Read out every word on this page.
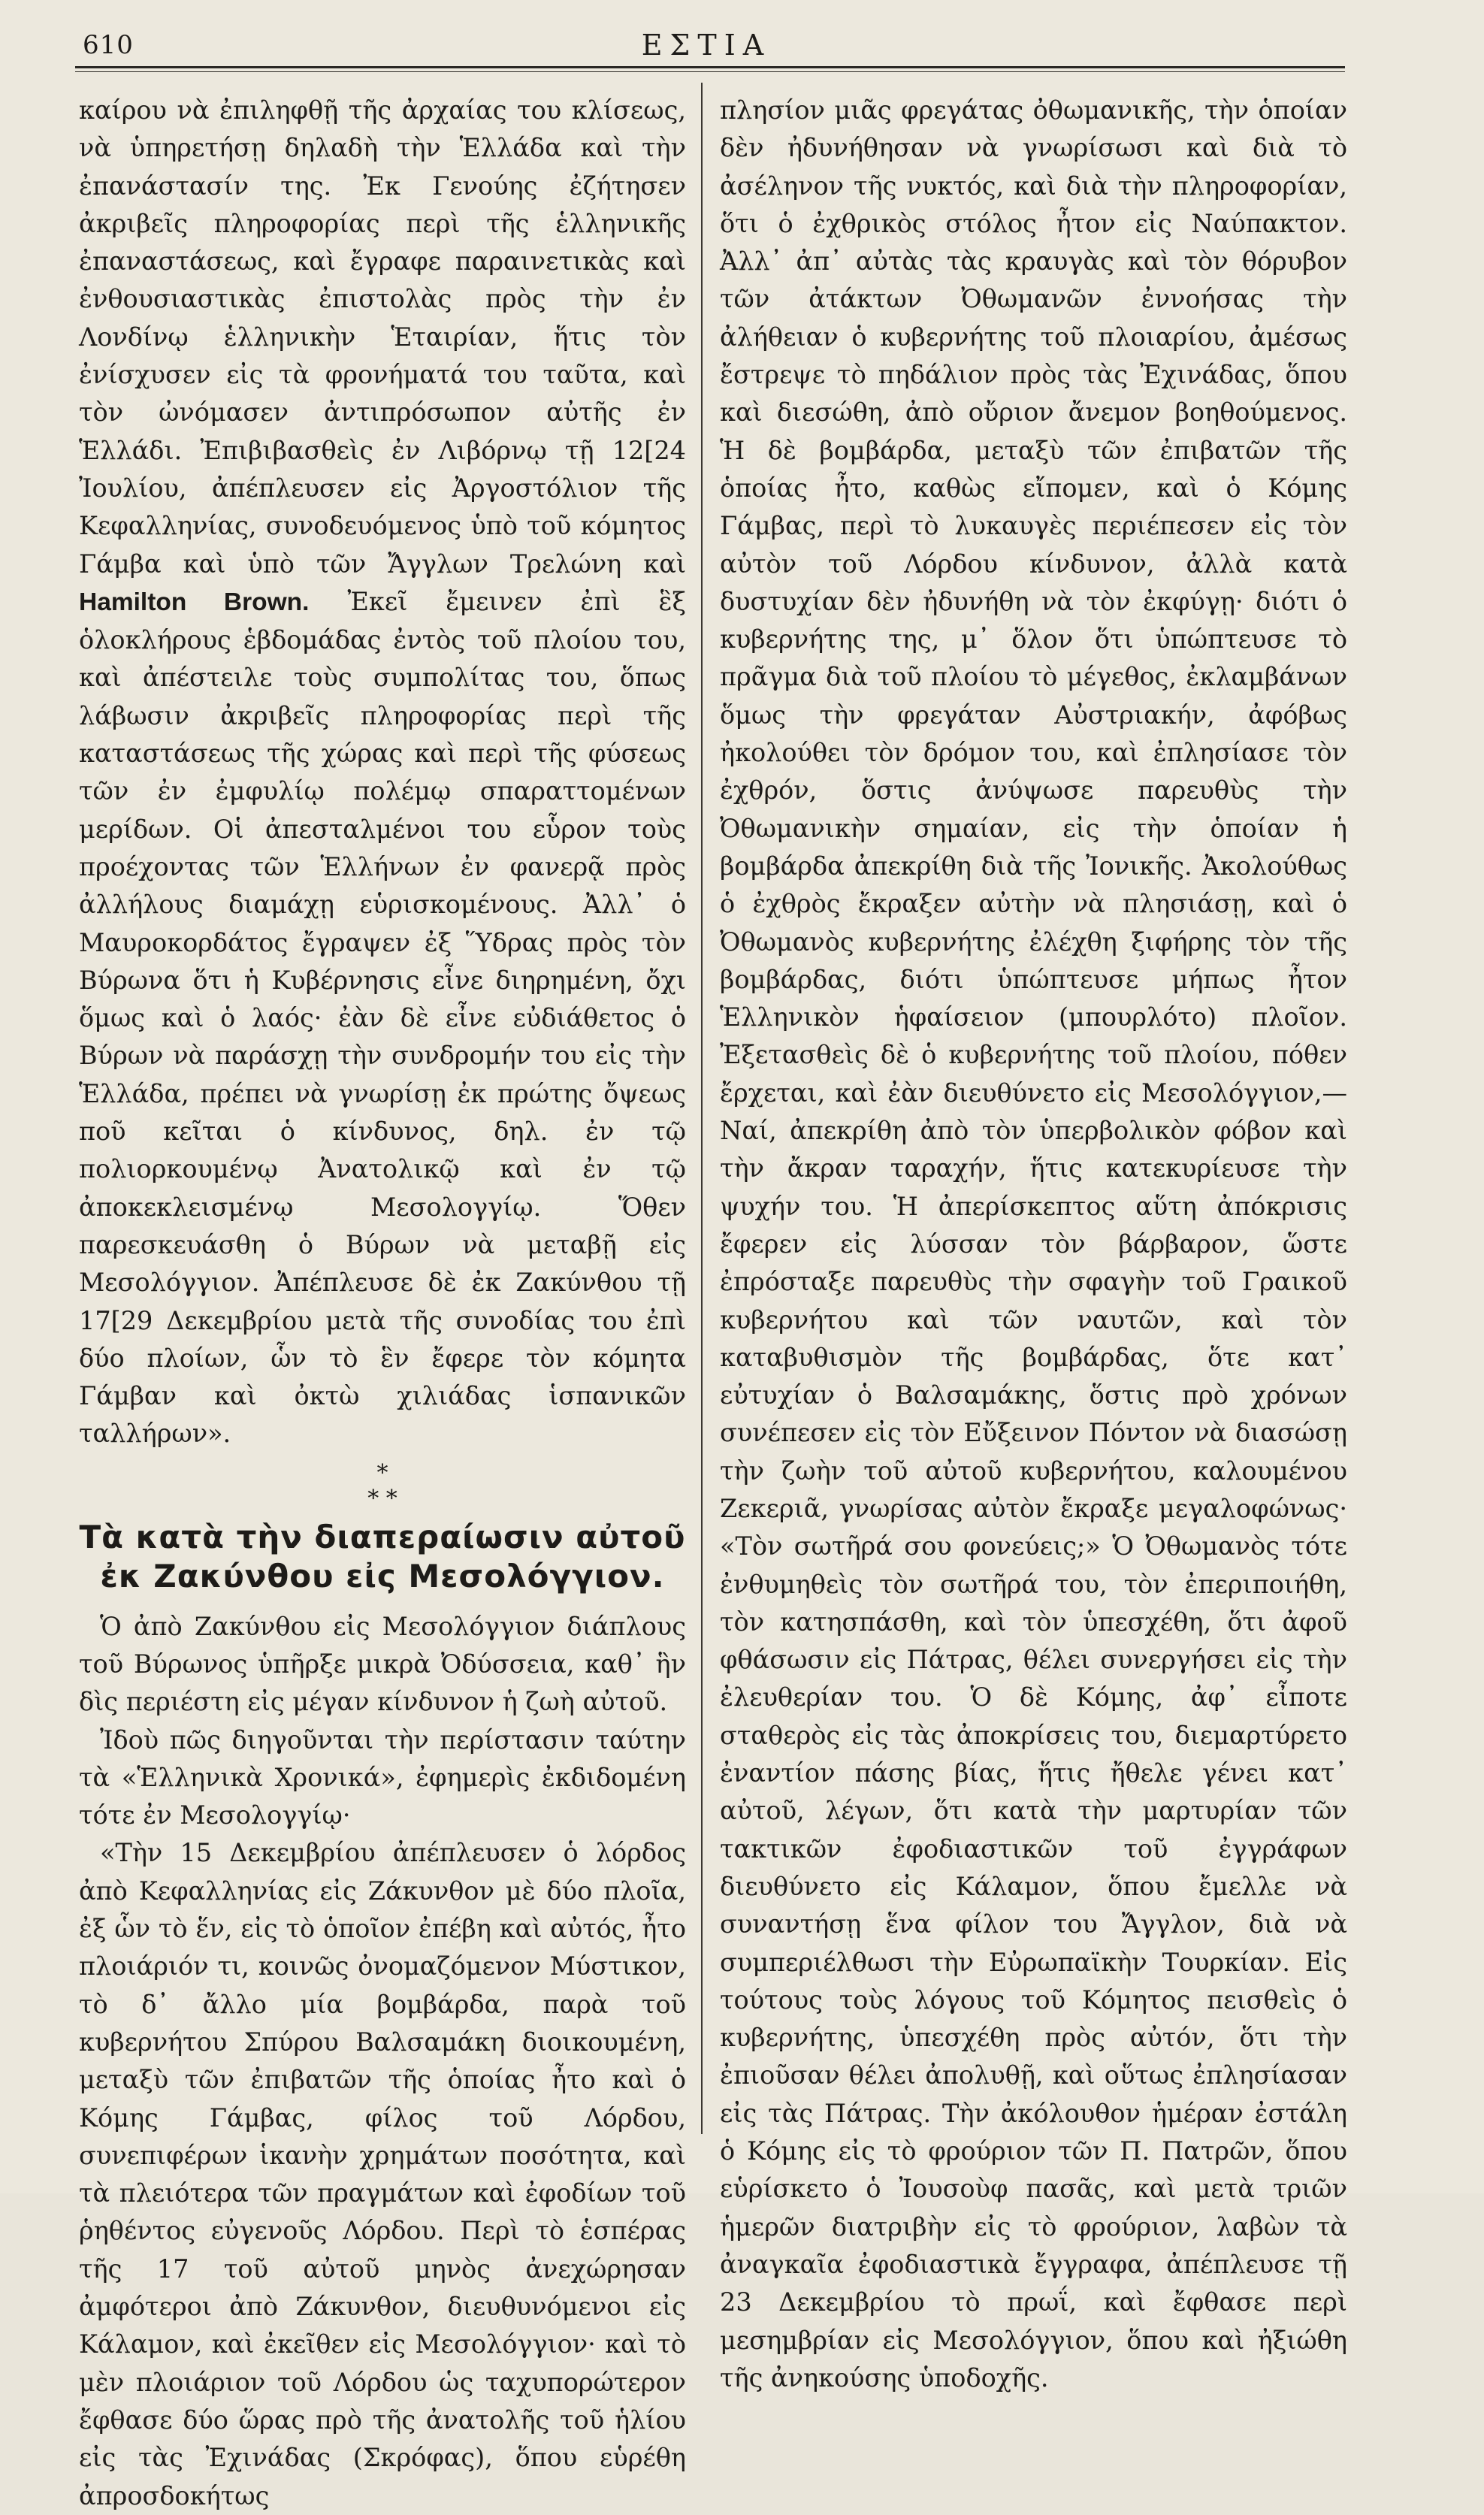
610	ΕΣΤΙΑ

καίρου νὰ ἐπιληφθῇ τῆς ἀρχαίας του κλίσεως, νὰ ὑπηρετήσῃ δηλαδὴ τὴν Ἑλλάδα καὶ τὴν ἐπανάστασίν της. Ἐκ Γενούης ἐζήτησεν ἀκριβεῖς πληροφορίας περὶ τῆς ἑλληνικῆς ἐπαναστάσεως, καὶ ἔγραφε παραινετικὰς καὶ ἐνθουσιαστικὰς ἐπιστολὰς πρὸς τὴν ἐν Λονδίνῳ ἑλληνικὴν Ἑταιρίαν, ἥτις τὸν ἐνίσχυσεν εἰς τὰ φρονήματά του ταῦτα, καὶ τὸν ὠνόμασεν ἀντιπρόσωπον αὐτῆς ἐν Ἑλλάδι. Ἐπιβιβασθεὶς ἐν Λιβόρνῳ τῇ 12[24 Ἰουλίου, ἀπέπλευσεν εἰς Ἀργοστόλιον τῆς Κεφαλληνίας, συνοδευόμενος ὑπὸ τοῦ κόμητος Γάμβα καὶ ὑπὸ τῶν Ἄγγλων Τρελώνη καὶ Hamilton Brown. Ἐκεῖ ἔμεινεν ἐπὶ ἓξ ὁλοκλήρους ἑβδομάδας ἐντὸς τοῦ πλοίου του, καὶ ἀπέστειλε τοὺς συμπολίτας του, ὅπως λάβωσιν ἀκριβεῖς πληροφορίας περὶ τῆς καταστάσεως τῆς χώρας καὶ περὶ τῆς φύσεως τῶν ἐν ἐμφυλίῳ πολέμῳ σπαραττομένων μερίδων. Οἱ ἀπεσταλμένοι του εὗρον τοὺς προέχοντας τῶν Ἑλλήνων ἐν φανερᾷ πρὸς ἀλλήλους διαμάχῃ εὑρισκομένους. Ἀλλ᾽ ὁ Μαυροκορδάτος ἔγραψεν ἐξ Ὕδρας πρὸς τὸν Βύρωνα ὅτι ἡ Κυβέρνησις εἶνε διηρημένη, ὄχι ὅμως καὶ ὁ λαός· ἐὰν δὲ εἶνε εὐδιάθετος ὁ Βύρων νὰ παράσχῃ τὴν συνδρομήν του εἰς τὴν Ἑλλάδα, πρέπει νὰ γνωρίσῃ ἐκ πρώτης ὄψεως ποῦ κεῖται ὁ κίνδυνος, δηλ. ἐν τῷ πολιορκουμένῳ Ἀνατολικῷ καὶ ἐν τῷ ἀποκεκλεισμένῳ Μεσολογγίῳ. Ὅθεν παρεσκευάσθη ὁ Βύρων νὰ μεταβῇ εἰς Μεσολόγγιον. Ἀπέπλευσε δὲ ἐκ Ζακύνθου τῇ 17[29 Δεκεμβρίου μετὰ τῆς συνοδίας του ἐπὶ δύο πλοίων, ὧν τὸ ἓν ἔφερε τὸν κόμητα Γάμβαν καὶ ὀκτὼ χιλιάδας ἱσπανικῶν ταλλήρων».

*
* *
Τὰ κατὰ τὴν διαπεραίωσιν αὐτοῦ ἐκ Ζακύνθου εἰς Μεσολόγγιον.

Ὁ ἀπὸ Ζακύνθου εἰς Μεσολόγγιον διάπλους τοῦ Βύρωνος ὑπῆρξε μικρὰ Ὀδύσσεια, καθ᾽ ἣν δὶς περιέστη εἰς μέγαν κίνδυνον ἡ ζωὴ αὐτοῦ.

Ἰδοὺ πῶς διηγοῦνται τὴν περίστασιν ταύτην τὰ «Ἑλληνικὰ Χρονικά», ἐφημερὶς ἐκδιδομένη τότε ἐν Μεσολογγίῳ·

«Τὴν 15 Δεκεμβρίου ἀπέπλευσεν ὁ λόρδος ἀπὸ Κεφαλληνίας εἰς Ζάκυνθον μὲ δύο πλοῖα, ἐξ ὧν τὸ ἕν, εἰς τὸ ὁποῖον ἐπέβη καὶ αὐτός, ἦτο πλοιάριόν τι, κοινῶς ὀνομαζόμενον Μύστικον, τὸ δ᾽ ἄλλο μία βομβάρδα, παρὰ τοῦ κυβερνήτου Σπύρου Βαλσαμάκη διοικουμένη, μεταξὺ τῶν ἐπιβατῶν τῆς ὁποίας ἦτο καὶ ὁ Κόμης Γάμβας, φίλος τοῦ Λόρδου, συνεπιφέρων ἱκανὴν χρημάτων ποσότητα, καὶ τὰ πλειότερα τῶν πραγμάτων καὶ ἐφοδίων τοῦ ῥηθέντος εὐγενοῦς Λόρδου. Περὶ τὸ ἑσπέρας τῆς 17 τοῦ αὐτοῦ μηνὸς ἀνεχώρησαν ἀμφότεροι ἀπὸ Ζάκυνθον, διευθυνόμενοι εἰς Κάλαμον, καὶ ἐκεῖθεν εἰς Μεσολόγγιον· καὶ τὸ μὲν πλοιάριον τοῦ Λόρδου ὡς ταχυπορώτερον ἔφθασε δύο ὥρας πρὸ τῆς ἀνατολῆς τοῦ ἡλίου εἰς τὰς Ἐχινάδας (Σκρόφας), ὅπου εὑρέθη ἀπροσδοκήτως

πλησίον μιᾶς φρεγάτας ὀθωμανικῆς, τὴν ὁποίαν δὲν ἠδυνήθησαν νὰ γνωρίσωσι καὶ διὰ τὸ ἀσέληνον τῆς νυκτός, καὶ διὰ τὴν πληροφορίαν, ὅτι ὁ ἐχθρικὸς στόλος ἦτον εἰς Ναύπακτον. Ἀλλ᾽ ἀπ᾽ αὐτὰς τὰς κραυγὰς καὶ τὸν θόρυβον τῶν ἀτάκτων Ὀθωμανῶν ἐννοήσας τὴν ἀλήθειαν ὁ κυβερνήτης τοῦ πλοιαρίου, ἀμέσως ἔστρεψε τὸ πηδάλιον πρὸς τὰς Ἐχινάδας, ὅπου καὶ διεσώθη, ἀπὸ οὔριον ἄνεμον βοηθούμενος. Ἡ δὲ βομβάρδα, μεταξὺ τῶν ἐπιβατῶν τῆς ὁποίας ἦτο, καθὼς εἴπομεν, καὶ ὁ Κόμης Γάμβας, περὶ τὸ λυκαυγὲς περιέπεσεν εἰς τὸν αὐτὸν τοῦ Λόρδου κίνδυνον, ἀλλὰ κατὰ δυστυχίαν δὲν ἠδυνήθη νὰ τὸν ἐκφύγῃ· διότι ὁ κυβερνήτης της, μ᾽ ὅλον ὅτι ὑπώπτευσε τὸ πρᾶγμα διὰ τοῦ πλοίου τὸ μέγεθος, ἐκλαμβάνων ὅμως τὴν φρεγάταν Αὐστριακήν, ἀφόβως ἠκολούθει τὸν δρόμον του, καὶ ἐπλησίασε τὸν ἐχθρόν, ὅστις ἀνύψωσε παρευθὺς τὴν Ὀθωμανικὴν σημαίαν, εἰς τὴν ὁποίαν ἡ βομβάρδα ἀπεκρίθη διὰ τῆς Ἰονικῆς. Ἀκολούθως ὁ ἐχθρὸς ἔκραξεν αὐτὴν νὰ πλησιάσῃ, καὶ ὁ Ὀθωμανὸς κυβερνήτης ἐλέχθη ξιφήρης τὸν τῆς βομβάρδας, διότι ὑπώπτευσε μήπως ἦτον Ἑλληνικὸν ἡφαίσειον (μπουρλότο) πλοῖον. Ἐξετασθεὶς δὲ ὁ κυβερνήτης τοῦ πλοίου, πόθεν ἔρχεται, καὶ ἐὰν διευθύνετο εἰς Μεσολόγγιον,—Ναί, ἀπεκρίθη ἀπὸ τὸν ὑπερβολικὸν φόβον καὶ τὴν ἄκραν ταραχήν, ἥτις κατεκυρίευσε τὴν ψυχήν του. Ἡ ἀπερίσκεπτος αὕτη ἀπόκρισις ἔφερεν εἰς λύσσαν τὸν βάρβαρον, ὥστε ἐπρόσταξε παρευθὺς τὴν σφαγὴν τοῦ Γραικοῦ κυβερνήτου καὶ τῶν ναυτῶν, καὶ τὸν καταβυθισμὸν τῆς βομβάρδας, ὅτε κατ᾽ εὐτυχίαν ὁ Βαλσαμάκης, ὅστις πρὸ χρόνων συνέπεσεν εἰς τὸν Εὔξεινον Πόντον νὰ διασώσῃ τὴν ζωὴν τοῦ αὐτοῦ κυβερνήτου, καλουμένου Ζεκεριᾶ, γνωρίσας αὐτὸν ἔκραξε μεγαλοφώνως· «Τὸν σωτῆρά σου φονεύεις;» Ὁ Ὀθωμανὸς τότε ἐνθυμηθεὶς τὸν σωτῆρά του, τὸν ἐπεριποιήθη, τὸν κατησπάσθη, καὶ τὸν ὑπεσχέθη, ὅτι ἀφοῦ φθάσωσιν εἰς Πάτρας, θέλει συνεργήσει εἰς τὴν ἐλευθερίαν του. Ὁ δὲ Κόμης, ἀφ᾽ εἶποτε σταθερὸς εἰς τὰς ἀποκρίσεις του, διεμαρτύρετο ἐναντίον πάσης βίας, ἥτις ἤθελε γένει κατ᾽ αὐτοῦ, λέγων, ὅτι κατὰ τὴν μαρτυρίαν τῶν τακτικῶν ἐφοδιαστικῶν τοῦ ἐγγράφων διευθύνετο εἰς Κάλαμον, ὅπου ἔμελλε νὰ συναντήσῃ ἕνα φίλον του Ἄγγλον, διὰ νὰ συμπεριέλθωσι τὴν Εὐρωπαϊκὴν Τουρκίαν. Εἰς τούτους τοὺς λόγους τοῦ Κόμητος πεισθεὶς ὁ κυβερνήτης, ὑπεσχέθη πρὸς αὐτόν, ὅτι τὴν ἐπιοῦσαν θέλει ἀπολυθῇ, καὶ οὕτως ἐπλησίασαν εἰς τὰς Πάτρας. Τὴν ἀκόλουθον ἡμέραν ἐστάλη ὁ Κόμης εἰς τὸ φρούριον τῶν Π. Πατρῶν, ὅπου εὑρίσκετο ὁ Ἰουσοὺφ πασᾶς, καὶ μετὰ τριῶν ἡμερῶν διατριβὴν εἰς τὸ φρούριον, λαβὼν τὰ ἀναγκαῖα ἐφοδιαστικὰ ἔγγραφα, ἀπέπλευσε τῇ 23 Δεκεμβρίου τὸ πρωΐ, καὶ ἔφθασε περὶ μεσημβρίαν εἰς Μεσολόγγιον, ὅπου καὶ ἠξιώθη τῆς ἀνηκούσης ὑποδοχῆς.
